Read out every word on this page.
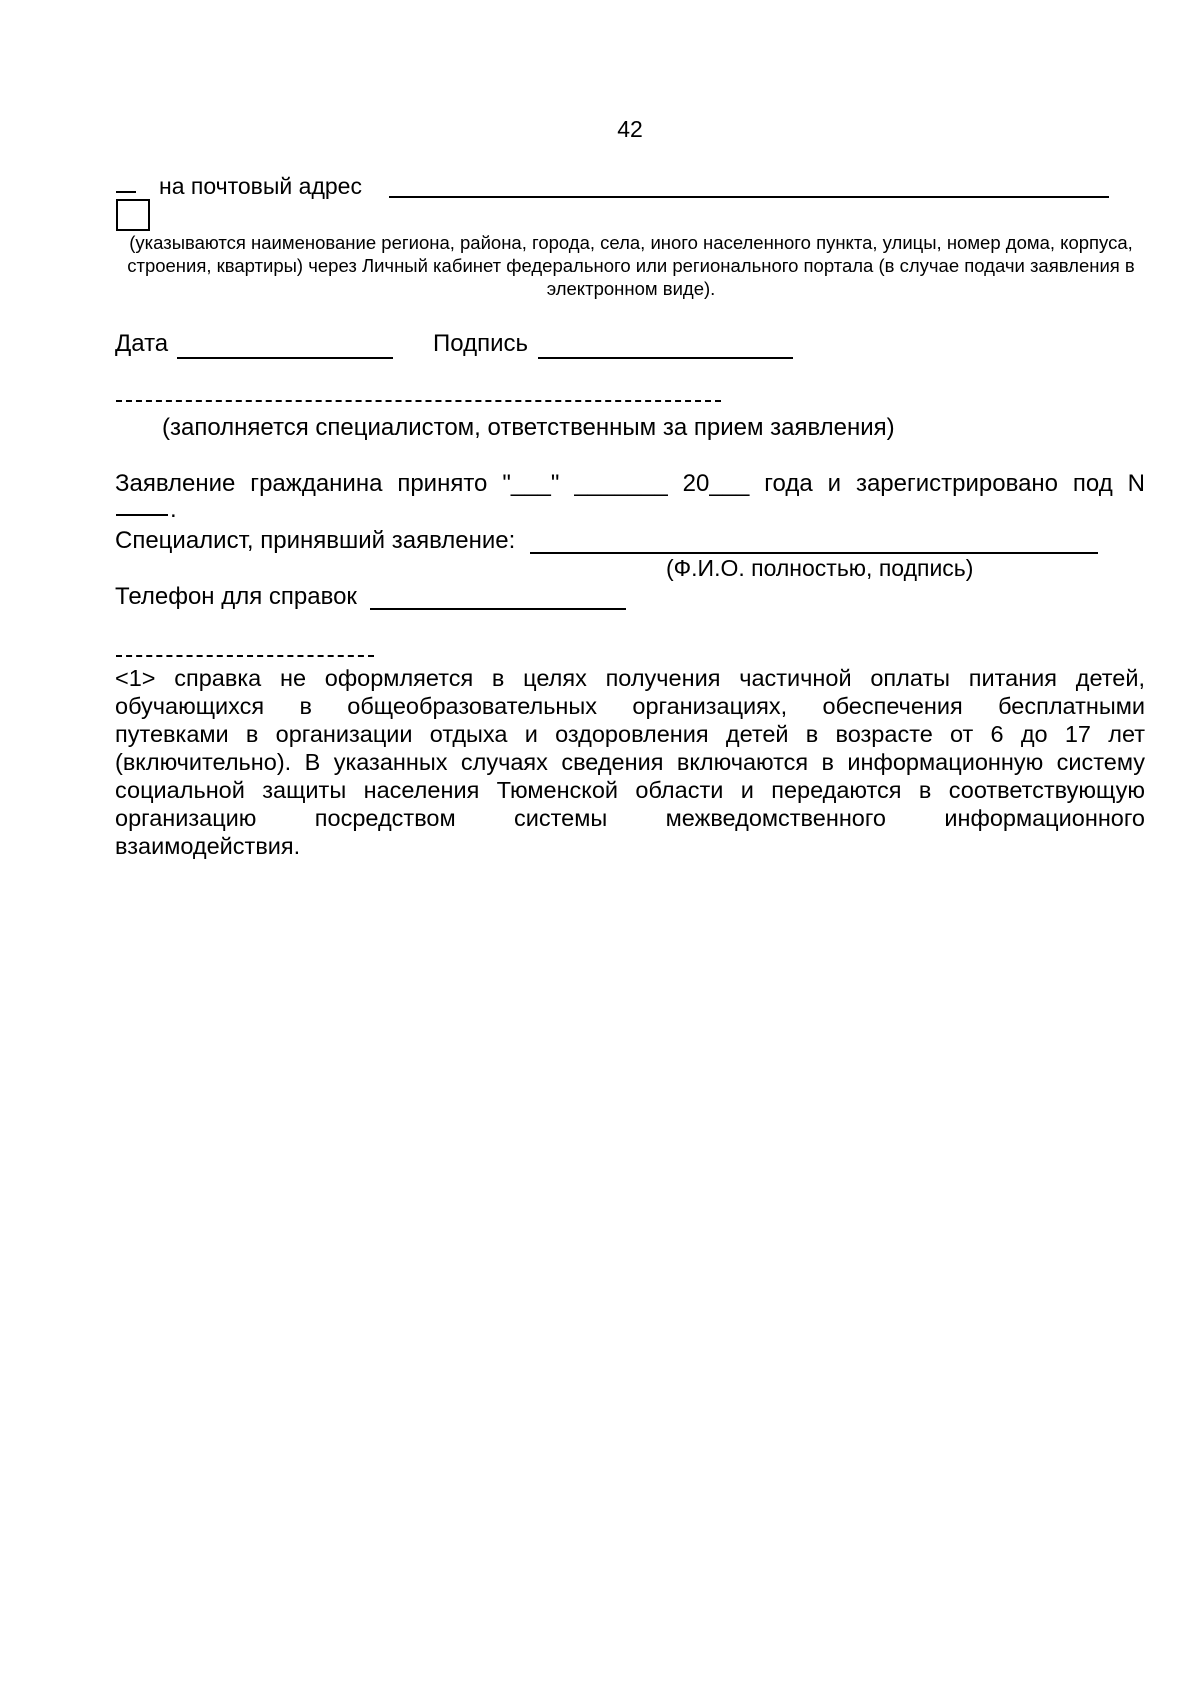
42
на почтовый адрес
(указываются наименование региона, района, города, села, иного населенного пункта, улицы, номер дома, корпуса, строения, квартиры) через Личный кабинет федерального или регионального портала (в случае подачи заявления в электронном виде).
Дата	Подпись
(заполняется специалистом, ответственным за прием заявления)
Заявление гражданина принято "___" _______ 20___ года и зарегистрировано под N
.
Специалист, принявший заявление:
(Ф.И.О. полностью, подпись)
Телефон для справок
<1> справка не оформляется в целях получения частичной оплаты питания детей,
обучающихся в общеобразовательных организациях, обеспечения бесплатными
путевками в организации отдыха и оздоровления детей в возрасте от 6 до 17 лет
(включительно). В указанных случаях сведения включаются в информационную систему
социальной защиты населения Тюменской области и передаются в соответствующую
организацию посредством системы межведомственного информационного
взаимодействия.
